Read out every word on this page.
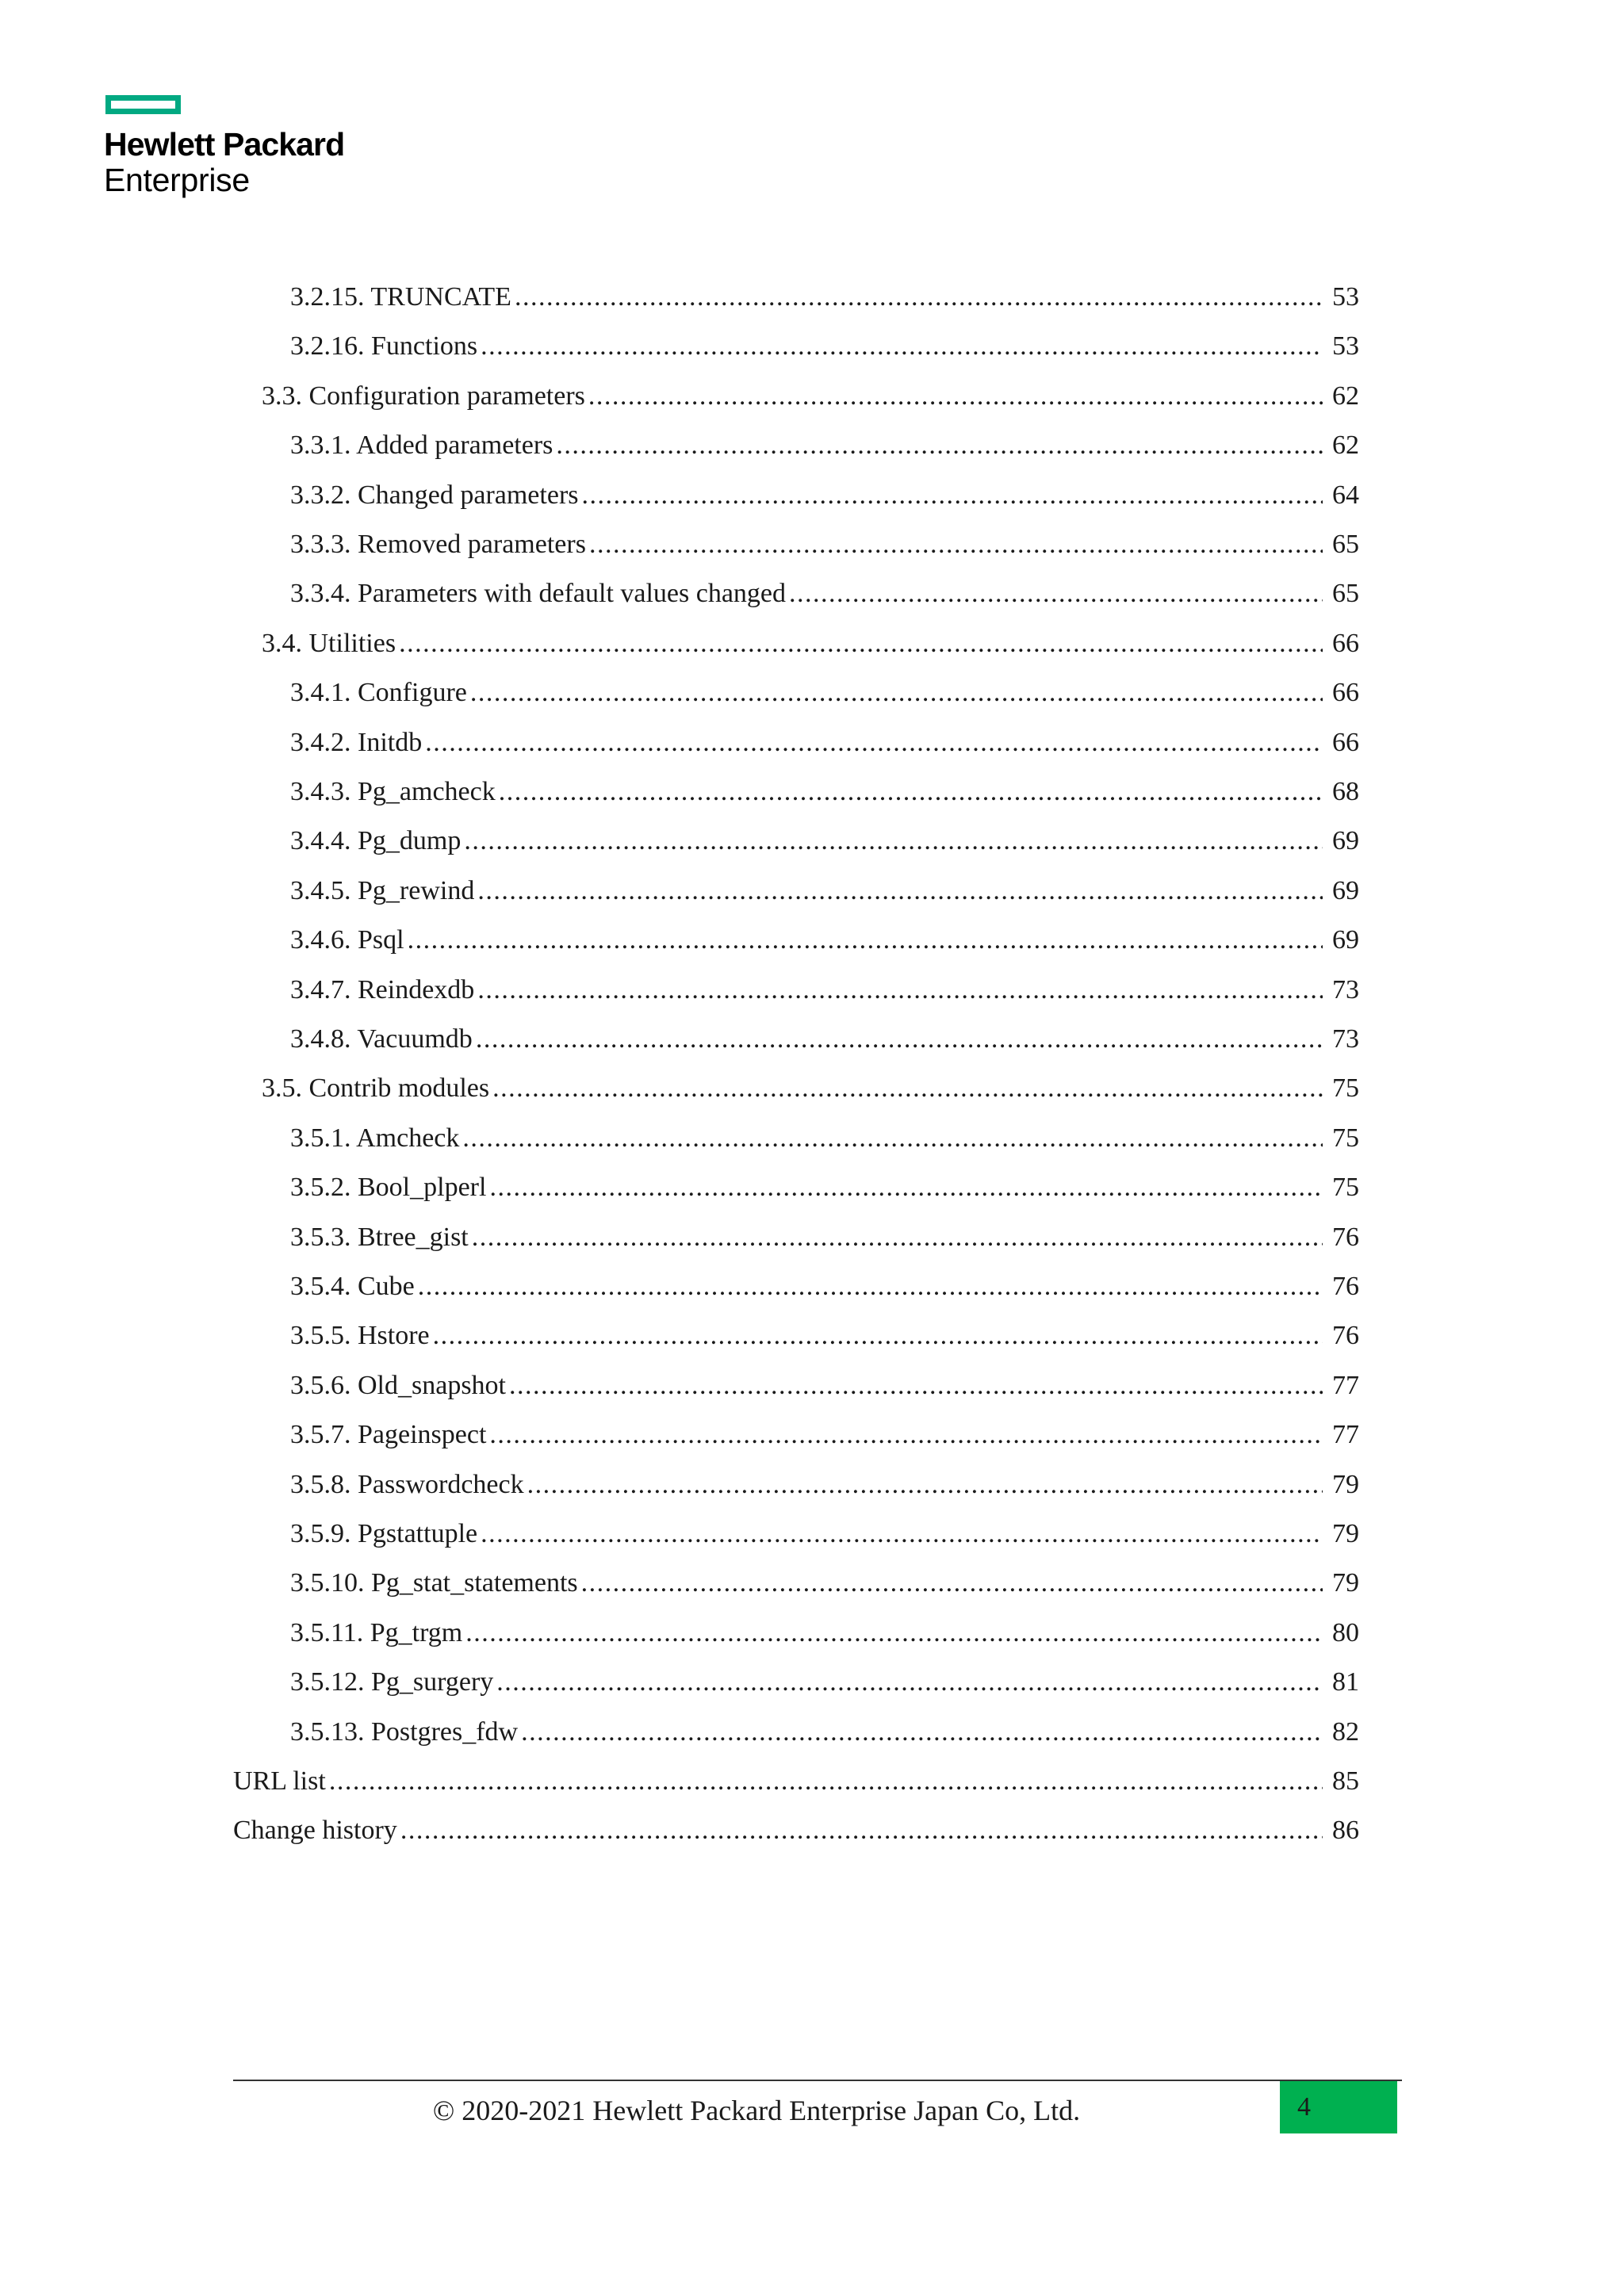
Hewlett Packard
Enterprise
3.2.15. TRUNCATE .....	53
3.2.16. Functions .....	53
3.3. Configuration parameters .....	62
3.3.1. Added parameters .....	62
3.3.2. Changed parameters .....	64
3.3.3. Removed parameters .....	65
3.3.4. Parameters with default values changed .....	65
3.4. Utilities .....	66
3.4.1. Configure .....	66
3.4.2. Initdb .....	66
3.4.3. Pg_amcheck .....	68
3.4.4. Pg_dump .....	69
3.4.5. Pg_rewind .....	69
3.4.6. Psql .....	69
3.4.7. Reindexdb .....	73
3.4.8. Vacuumdb .....	73
3.5. Contrib modules .....	75
3.5.1. Amcheck .....	75
3.5.2. Bool_plperl .....	75
3.5.3. Btree_gist .....	76
3.5.4. Cube .....	76
3.5.5. Hstore .....	76
3.5.6. Old_snapshot .....	77
3.5.7. Pageinspect .....	77
3.5.8. Passwordcheck .....	79
3.5.9. Pgstattuple .....	79
3.5.10. Pg_stat_statements .....	79
3.5.11. Pg_trgm .....	80
3.5.12. Pg_surgery .....	81
3.5.13. Postgres_fdw .....	82
URL list .....	85
Change history .....	86
© 2020-2021 Hewlett Packard Enterprise Japan Co, Ltd.	4
